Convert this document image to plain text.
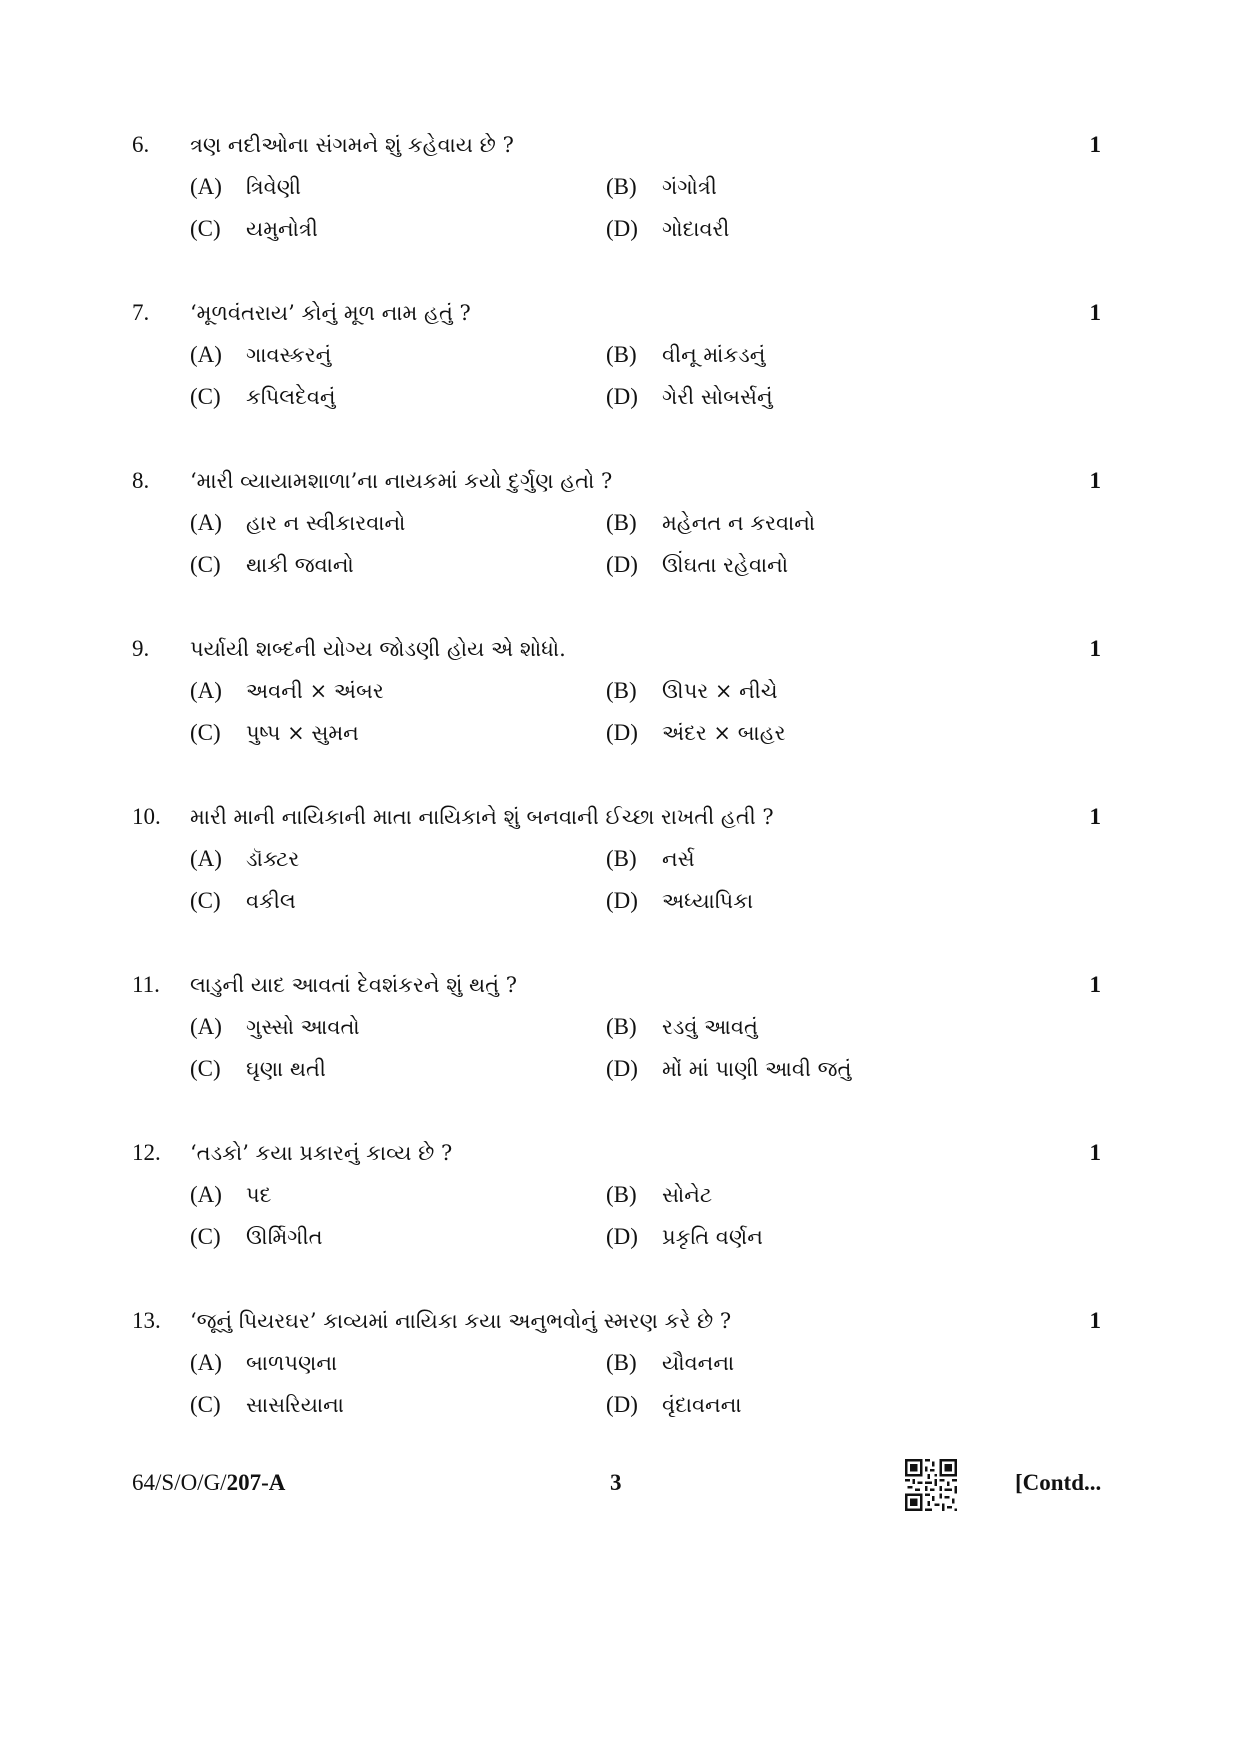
6. ત્રણ નદીઓના સંગમને શું કહેવાય છે ?	1
(A) ત્રિવેણી	(B) ગંગોત્રી
(C) યમુનોત્રી	(D) ગોદાવરી
7. ‘મૂળવંતરાય’ કોનું મૂળ નામ હતું ?	1
(A) ગાવસ્કરનું	(B) વીનૂ માંકડનું
(C) કપિલદેવનું	(D) ગેરી સોબર્સનું
8. ‘મારી વ્યાયામશાળા’ના નાયકમાં કયો દુર્ગુણ હતો ?	1
(A) હાર ન સ્વીકારવાનો	(B) મહેનત ન કરવાનો
(C) થાકી જવાનો	(D) ઊંઘતા રહેવાનો
9. પર્યાયી શબ્દની યોગ્ય જોડણી હોય એ શોધો.	1
(A) અવની × અંબર	(B) ઊપર × નીચે
(C) પુષ્પ × સુમન	(D) અંદર × બાહર
10. મારી માની નાયિકાની માતા નાયિકાને શું બનવાની ઈચ્છા રાખતી હતી ?	1
(A) ડૉક્ટર	(B) નર્સ
(C) વકીલ	(D) અધ્યાપિકા
11. લાડુની યાદ આવતાં દેવશંકરને શું થતું ?	1
(A) ગુસ્સો આવતો	(B) રડવું આવતું
(C) ઘૃણા થતી	(D) મોં માં પાણી આવી જતું
12. ‘તડકો’ કયા પ્રકારનું કાવ્ય છે ?	1
(A) પદ	(B) સોનેટ
(C) ઊર્મિગીત	(D) પ્રકૃતિ વર્ણન
13. ‘જૂનું પિયરઘર’ કાવ્યમાં નાયિકા કયા અનુભવોનું સ્મરણ કરે છે ?	1
(A) બાળપણના	(B) યૌવનના
(C) સાસરિયાના	(D) વૃંદાવનના
64/S/O/G/207-A	3	[Contd...
